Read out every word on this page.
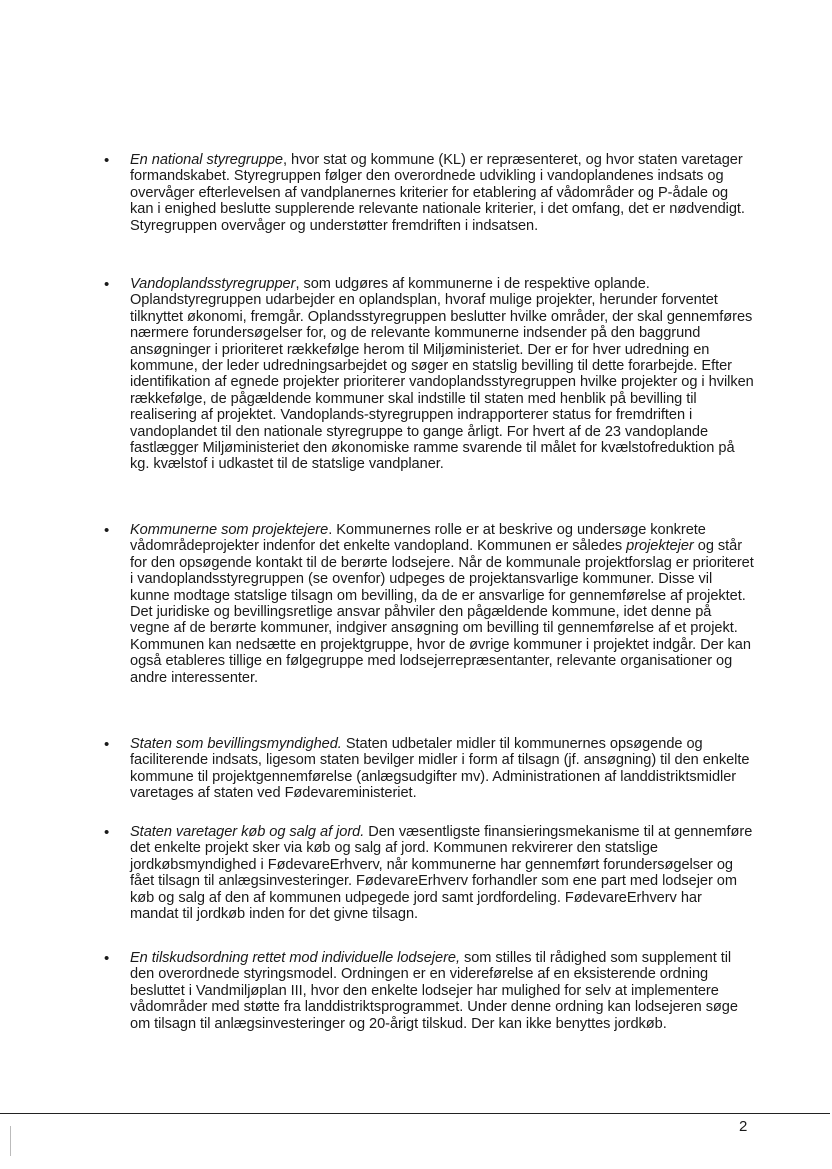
•	En national styregruppe, hvor stat og kommune (KL) er repræsenteret, og hvor staten varetager formandskabet. Styregruppen følger den overordnede udvikling i vandoplandenes indsats og overvåger efterlevelsen af vandplanernes kriterier for etablering af vådområder og P-ådale og kan i enighed beslutte supplerende relevante nationale kriterier, i det omfang, det er nødvendigt. Styregruppen overvåger og understøtter fremdriften i indsatsen.
•	Vandoplandsstyregrupper, som udgøres af kommunerne i de respektive oplande. Oplandstyregruppen udarbejder en oplandsplan, hvoraf mulige projekter, herunder forventet tilknyttet økonomi, fremgår. Oplandsstyregruppen beslutter hvilke områder, der skal gennemføres nærmere forundersøgelser for, og de relevante kommunerne indsender på den baggrund ansøgninger i prioriteret rækkefølge herom til Miljøministeriet. Der er for hver udredning en kommune, der leder udredningsarbejdet og søger en statslig bevilling til dette forarbejde. Efter identifikation af egnede projekter prioriterer vandoplandsstyregruppen hvilke projekter og i hvilken rækkefølge, de pågældende kommuner skal indstille til staten med henblik på bevilling til realisering af projektet. Vandoplands-styregruppen indrapporterer status for fremdriften i vandoplandet til den nationale styregruppe to gange årligt. For hvert af de 23 vandoplande fastlægger Miljøministeriet den økonomiske ramme svarende til målet for kvælstofreduktion på kg. kvælstof i udkastet til de statslige vandplaner.
•	Kommunerne som projektejere. Kommunernes rolle er at beskrive og undersøge konkrete vådområdeprojekter indenfor det enkelte vandopland. Kommunen er således projektejer og står for den opsøgende kontakt til de berørte lodsejere. Når de kommunale projektforslag er prioriteret i vandoplandsstyregruppen (se ovenfor) udpeges de projektansvarlige kommuner. Disse vil kunne modtage statslige tilsagn om bevilling, da de er ansvarlige for gennemførelse af projektet. Det juridiske og bevillingsretlige ansvar påhviler den pågældende kommune, idet denne på vegne af de berørte kommuner, indgiver ansøgning om bevilling til gennemførelse af et projekt. Kommunen kan nedsætte en projektgruppe, hvor de øvrige kommuner i projektet indgår. Der kan også etableres tillige en følgegruppe med lodsejerrepræsentanter, relevante organisationer og andre interessenter.
•	Staten som bevillingsmyndighed. Staten udbetaler midler til kommunernes opsøgende og faciliterende indsats, ligesom staten bevilger midler i form af tilsagn (jf. ansøgning) til den enkelte kommune til projektgennemførelse (anlægsudgifter mv). Administrationen af landdistriktsmidler varetages af staten ved Fødevareministeriet.
•	Staten varetager køb og salg af jord. Den væsentligste finansieringsmekanisme til at gennemføre det enkelte projekt sker via køb og salg af jord. Kommunen rekvirerer den statslige jordkøbsmyndighed i FødevareErhverv, når kommunerne har gennemført forundersøgelser og fået tilsagn til anlægsinvesteringer. FødevareErhverv forhandler som ene part med lodsejer om køb og salg af den af kommunen udpegede jord samt jordfordeling. FødevareErhverv har mandat til jordkøb inden for det givne tilsagn.
•	En tilskudsordning rettet mod individuelle lodsejere, som stilles til rådighed som supplement til den overordnede styringsmodel. Ordningen er en videreførelse af en eksisterende ordning besluttet i Vandmiljøplan III, hvor den enkelte lodsejer har mulighed for selv at implementere vådområder med støtte fra landdistriktsprogrammet. Under denne ordning kan lodsejeren søge om tilsagn til anlægsinvesteringer og 20-årigt tilskud. Der kan ikke benyttes jordkøb.
2
